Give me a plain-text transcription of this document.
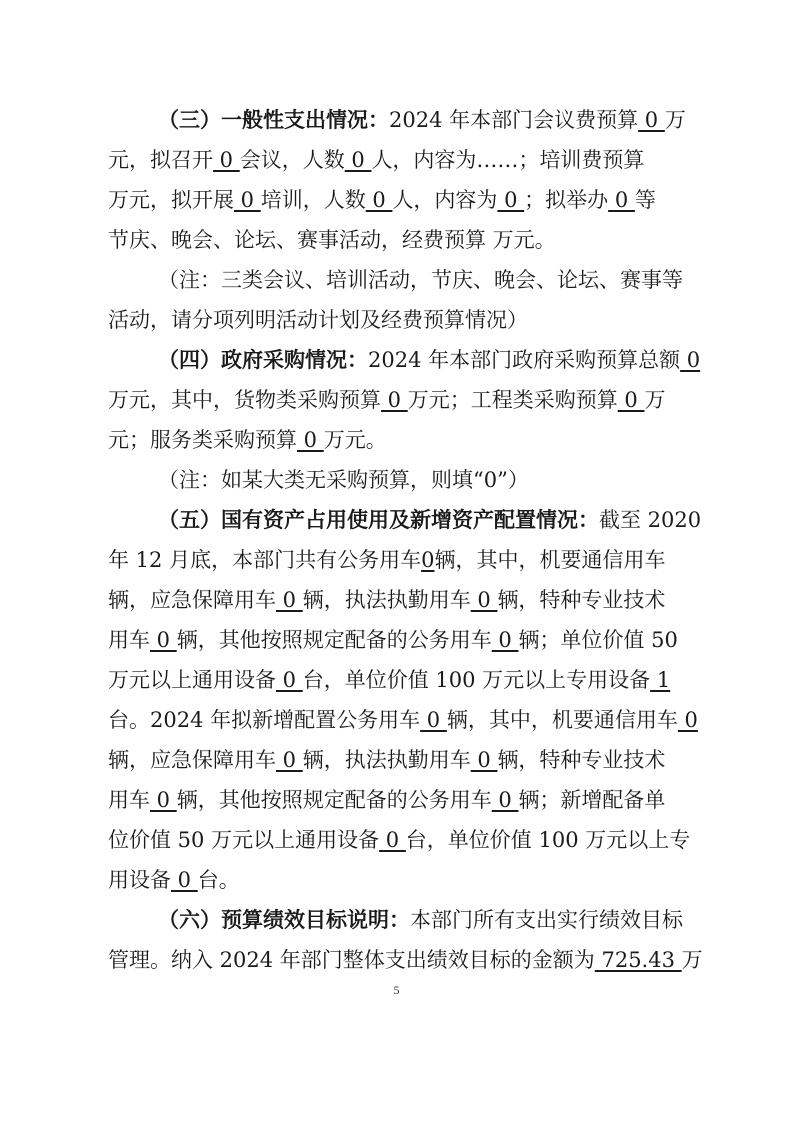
（三）一般性支出情况：2024 年本部门会议费预算 0 万
元，拟召开 0 会议，人数 0 人，内容为……；培训费预算
万元，拟开展 0 培训，人数 0 人，内容为 0 ；拟举办 0 等
节庆、晚会、论坛、赛事活动，经费预算 万元。
（注：三类会议、培训活动，节庆、晚会、论坛、赛事等
活动，请分项列明活动计划及经费预算情况）
（四）政府采购情况：2024 年本部门政府采购预算总额 0
万元，其中，货物类采购预算 0 万元；工程类采购预算 0 万
元；服务类采购预算 0 万元。
（注：如某大类无采购预算，则填“0”）
（五）国有资产占用使用及新增资产配置情况：截至 2020
年 12 月底，本部门共有公务用车0辆，其中，机要通信用车
辆，应急保障用车 0 辆，执法执勤用车 0 辆，特种专业技术
用车 0 辆，其他按照规定配备的公务用车 0 辆；单位价值 50
万元以上通用设备 0 台，单位价值 100 万元以上专用设备 1
台。2024 年拟新增配置公务用车 0 辆，其中，机要通信用车 0
辆，应急保障用车 0 辆，执法执勤用车 0 辆，特种专业技术
用车 0 辆，其他按照规定配备的公务用车 0 辆；新增配备单
位价值 50 万元以上通用设备 0 台，单位价值 100 万元以上专
用设备 0 台。
（六）预算绩效目标说明：本部门所有支出实行绩效目标
管理。纳入 2024 年部门整体支出绩效目标的金额为 725.43 万
5
